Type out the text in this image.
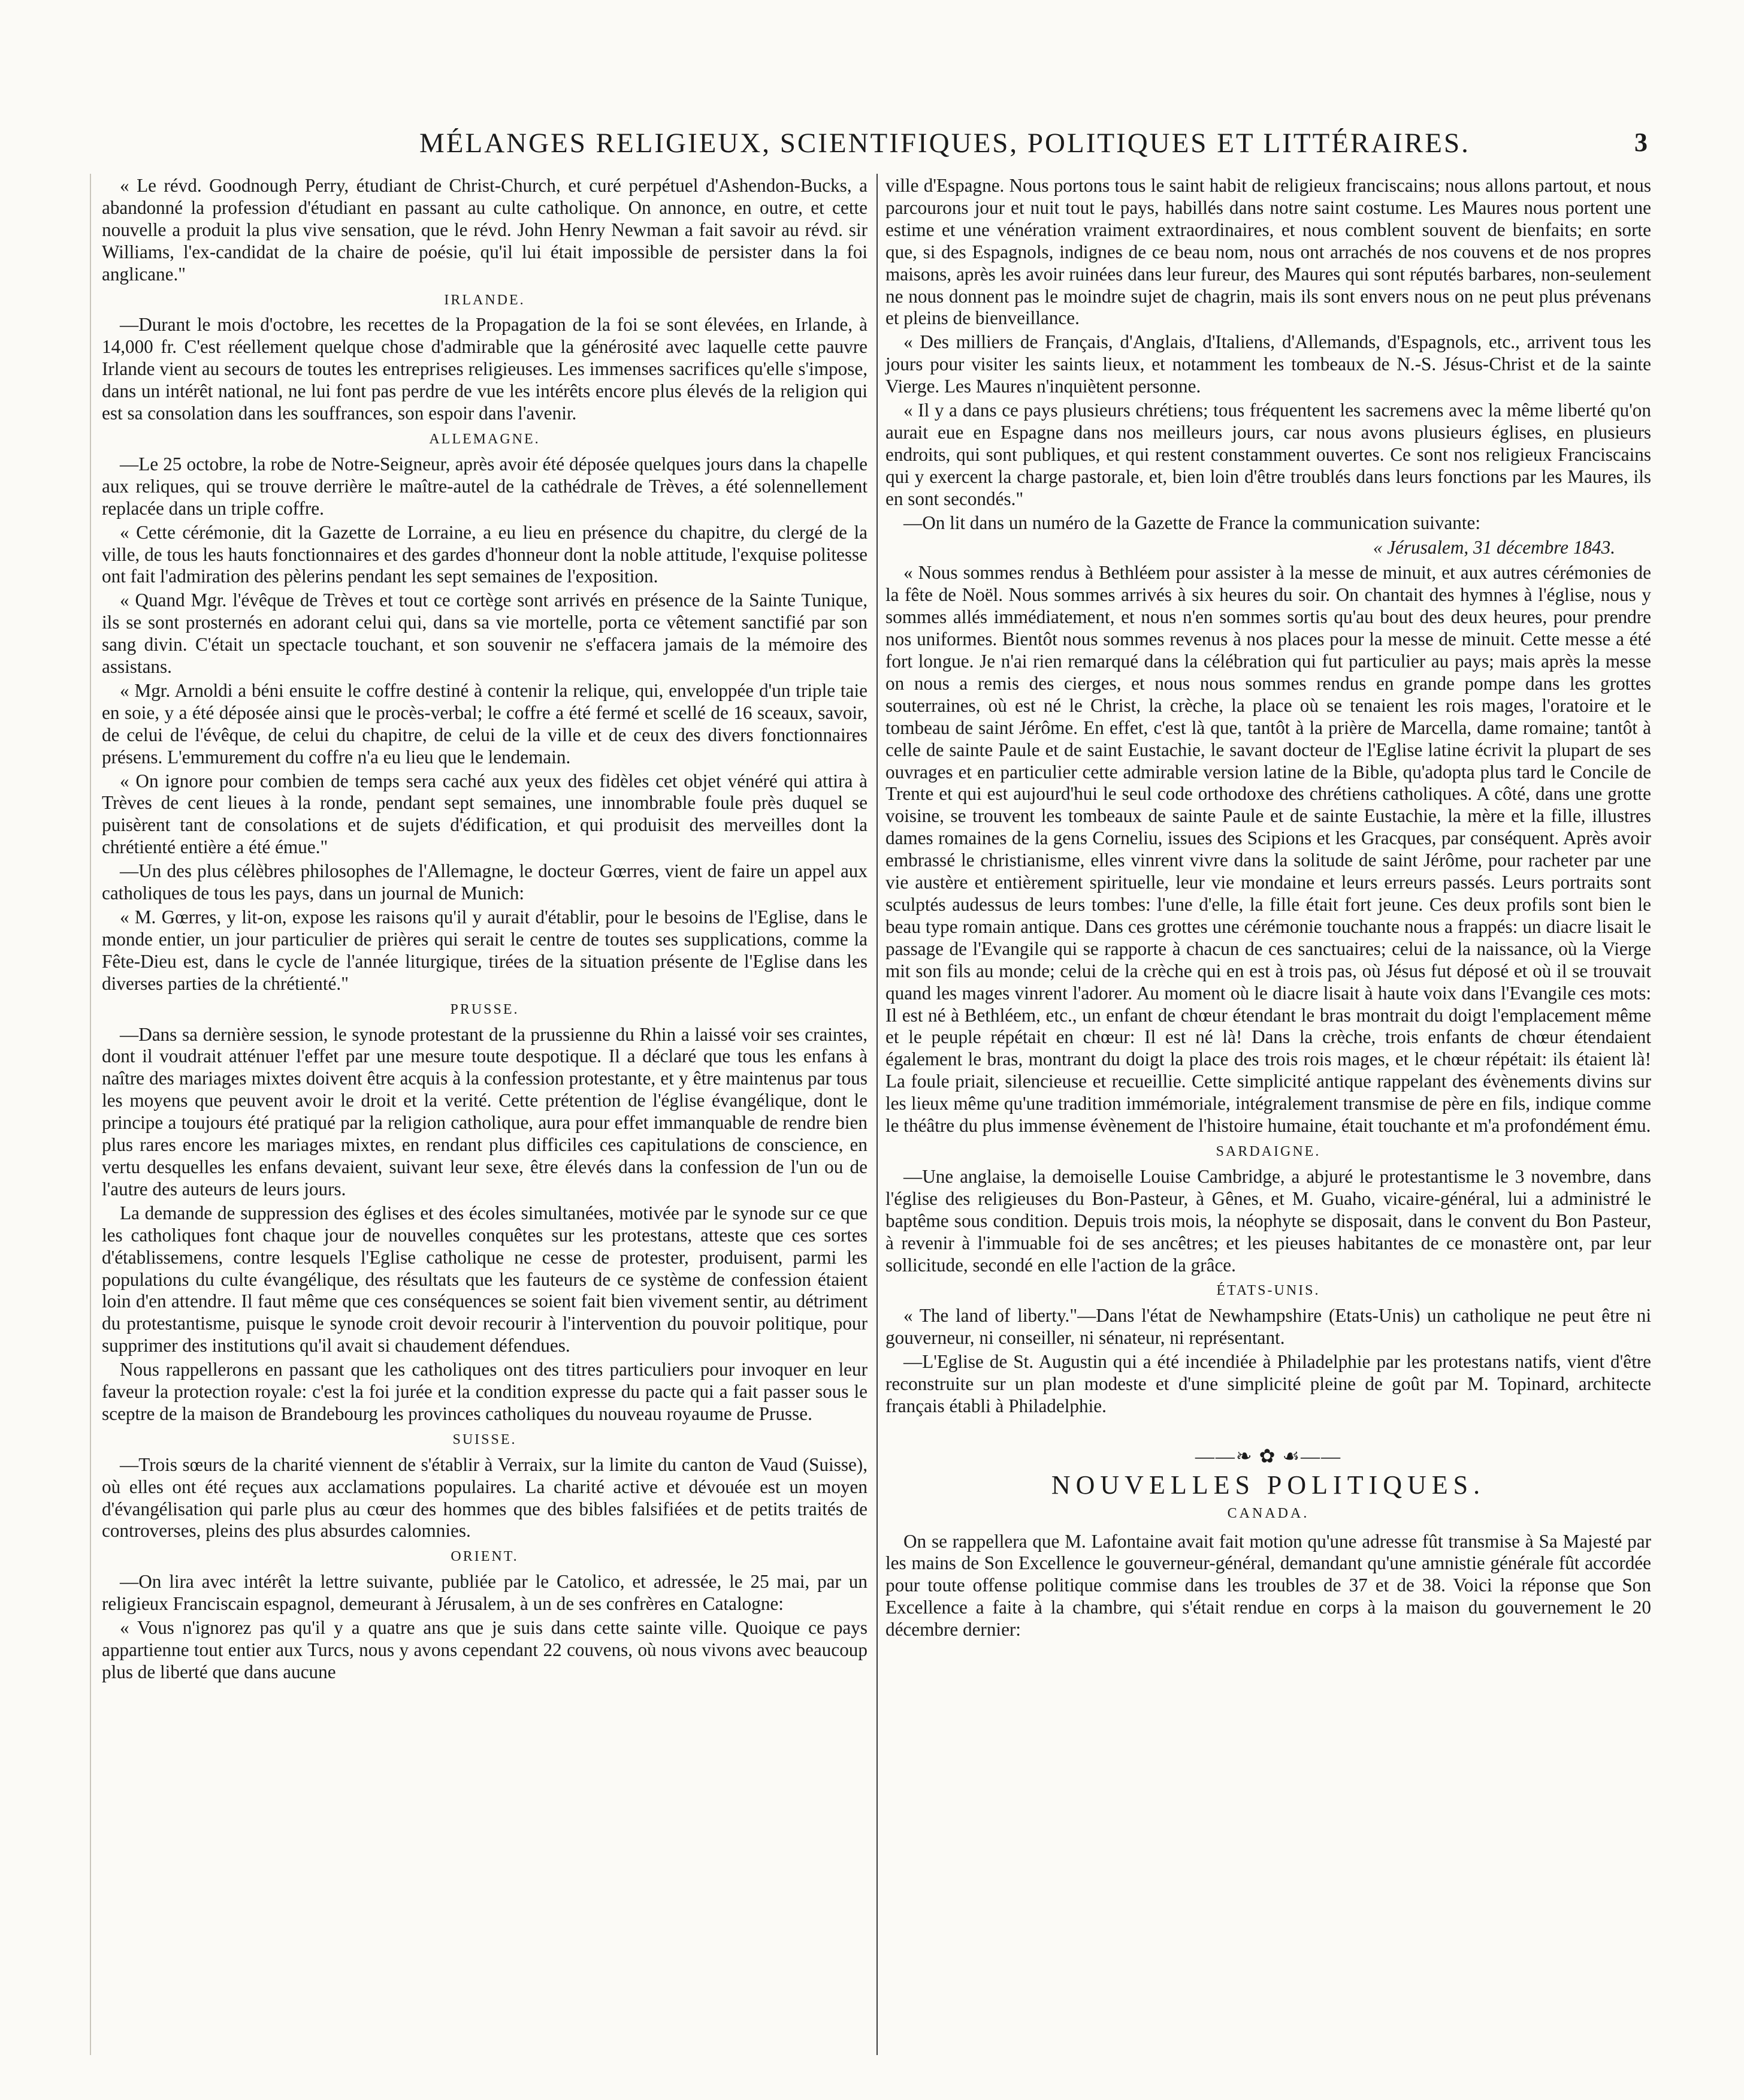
MÉLANGES RELIGIEUX, SCIENTIFIQUES, POLITIQUES ET LITTÉRAIRES.	3

« Le révd. Goodnough Perry, étudiant de Christ-Church, et curé perpétuel d'Ashendon-Bucks, a abandonné la profession d'étudiant en passant au culte catholique. On annonce, en outre, et cette nouvelle a produit la plus vive sensation, que le révd. John Henry Newman a fait savoir au révd. sir Williams, l'ex-candidat de la chaire de poésie, qu'il lui était impossible de persister dans la foi anglicane."

IRLANDE.

—Durant le mois d'octobre, les recettes de la Propagation de la foi se sont élevées, en Irlande, à 14,000 fr. C'est réellement quelque chose d'admirable que la générosité avec laquelle cette pauvre Irlande vient au secours de toutes les entreprises religieuses. Les immenses sacrifices qu'elle s'impose, dans un intérêt national, ne lui font pas perdre de vue les intérêts encore plus élevés de la religion qui est sa consolation dans les souffrances, son espoir dans l'avenir.

ALLEMAGNE.

—Le 25 octobre, la robe de Notre-Seigneur, après avoir été déposée quelques jours dans la chapelle aux reliques, qui se trouve derrière le maître-autel de la cathédrale de Trèves, a été solennellement replacée dans un triple coffre.

« Cette cérémonie, dit la Gazette de Lorraine, a eu lieu en présence du chapitre, du clergé de la ville, de tous les hauts fonctionnaires et des gardes d'honneur dont la noble attitude, l'exquise politesse ont fait l'admiration des pèlerins pendant les sept semaines de l'exposition.

« Quand Mgr. l'évêque de Trèves et tout ce cortège sont arrivés en présence de la Sainte Tunique, ils se sont prosternés en adorant celui qui, dans sa vie mortelle, porta ce vêtement sanctifié par son sang divin. C'était un spectacle touchant, et son souvenir ne s'effacera jamais de la mémoire des assistans.

« Mgr. Arnoldi a béni ensuite le coffre destiné à contenir la relique, qui, enveloppée d'un triple taie en soie, y a été déposée ainsi que le procès-verbal; le coffre a été fermé et scellé de 16 sceaux, savoir, de celui de l'évêque, de celui du chapitre, de celui de la ville et de ceux des divers fonctionnaires présens. L'emmurement du coffre n'a eu lieu que le lendemain.

« On ignore pour combien de temps sera caché aux yeux des fidèles cet objet vénéré qui attira à Trèves de cent lieues à la ronde, pendant sept semaines, une innombrable foule près duquel se puisèrent tant de consolations et de sujets d'édification, et qui produisit des merveilles dont la chrétienté entière a été émue."

—Un des plus célèbres philosophes de l'Allemagne, le docteur Gœrres, vient de faire un appel aux catholiques de tous les pays, dans un journal de Munich:

« M. Gœrres, y lit-on, expose les raisons qu'il y aurait d'établir, pour le besoins de l'Eglise, dans le monde entier, un jour particulier de prières qui serait le centre de toutes ses supplications, comme la Fête-Dieu est, dans le cycle de l'année liturgique, tirées de la situation présente de l'Eglise dans les diverses parties de la chrétienté."

PRUSSE.

—Dans sa dernière session, le synode protestant de la prussienne du Rhin a laissé voir ses craintes, dont il voudrait atténuer l'effet par une mesure toute despotique. Il a déclaré que tous les enfans à naître des mariages mixtes doivent être acquis à la confession protestante, et y être maintenus par tous les moyens que peuvent avoir le droit et la verité. Cette prétention de l'église évangélique, dont le principe a toujours été pratiqué par la religion catholique, aura pour effet immanquable de rendre bien plus rares encore les mariages mixtes, en rendant plus difficiles ces capitulations de conscience, en vertu desquelles les enfans devaient, suivant leur sexe, être élevés dans la confession de l'un ou de l'autre des auteurs de leurs jours.

La demande de suppression des églises et des écoles simultanées, motivée par le synode sur ce que les catholiques font chaque jour de nouvelles conquêtes sur les protestans, atteste que ces sortes d'établissemens, contre lesquels l'Eglise catholique ne cesse de protester, produisent, parmi les populations du culte évangélique, des résultats que les fauteurs de ce système de confession étaient loin d'en attendre. Il faut même que ces conséquences se soient fait bien vivement sentir, au détriment du protestantisme, puisque le synode croit devoir recourir à l'intervention du pouvoir politique, pour supprimer des institutions qu'il avait si chaudement défendues.

Nous rappellerons en passant que les catholiques ont des titres particuliers pour invoquer en leur faveur la protection royale: c'est la foi jurée et la condition expresse du pacte qui a fait passer sous le sceptre de la maison de Brandebourg les provinces catholiques du nouveau royaume de Prusse.

SUISSE.

—Trois sœurs de la charité viennent de s'établir à Verraix, sur la limite du canton de Vaud (Suisse), où elles ont été reçues aux acclamations populaires. La charité active et dévouée est un moyen d'évangélisation qui parle plus au cœur des hommes que des bibles falsifiées et de petits traités de controverses, pleins des plus absurdes calomnies.

ORIENT.

—On lira avec intérêt la lettre suivante, publiée par le Catolico, et adressée, le 25 mai, par un religieux Franciscain espagnol, demeurant à Jérusalem, à un de ses confrères en Catalogne:

« Vous n'ignorez pas qu'il y a quatre ans que je suis dans cette sainte ville. Quoique ce pays appartienne tout entier aux Turcs, nous y avons cependant 22 couvens, où nous vivons avec beaucoup plus de liberté que dans aucune

ville d'Espagne. Nous portons tous le saint habit de religieux franciscains; nous allons partout, et nous parcourons jour et nuit tout le pays, habillés dans notre saint costume. Les Maures nous portent une estime et une vénération vraiment extraordinaires, et nous comblent souvent de bienfaits; en sorte que, si des Espagnols, indignes de ce beau nom, nous ont arrachés de nos couvens et de nos propres maisons, après les avoir ruinées dans leur fureur, des Maures qui sont réputés barbares, non-seulement ne nous donnent pas le moindre sujet de chagrin, mais ils sont envers nous on ne peut plus prévenans et pleins de bienveillance.

« Des milliers de Français, d'Anglais, d'Italiens, d'Allemands, d'Espagnols, etc., arrivent tous les jours pour visiter les saints lieux, et notamment les tombeaux de N.-S. Jésus-Christ et de la sainte Vierge. Les Maures n'inquiètent personne.

« Il y a dans ce pays plusieurs chrétiens; tous fréquentent les sacremens avec la même liberté qu'on aurait eue en Espagne dans nos meilleurs jours, car nous avons plusieurs églises, en plusieurs endroits, qui sont publiques, et qui restent constamment ouvertes. Ce sont nos religieux Franciscains qui y exercent la charge pastorale, et, bien loin d'être troublés dans leurs fonctions par les Maures, ils en sont secondés."

—On lit dans un numéro de la Gazette de France la communication suivante:

« Jérusalem, 31 décembre 1843.

« Nous sommes rendus à Bethléem pour assister à la messe de minuit, et aux autres cérémonies de la fête de Noël. Nous sommes arrivés à six heures du soir. On chantait des hymnes à l'église, nous y sommes allés immédiatement, et nous n'en sommes sortis qu'au bout des deux heures, pour prendre nos uniformes. Bientôt nous sommes revenus à nos places pour la messe de minuit. Cette messe a été fort longue. Je n'ai rien remarqué dans la célébration qui fut particulier au pays; mais après la messe on nous a remis des cierges, et nous nous sommes rendus en grande pompe dans les grottes souterraines, où est né le Christ, la crèche, la place où se tenaient les rois mages, l'oratoire et le tombeau de saint Jérôme. En effet, c'est là que, tantôt à la prière de Marcella, dame romaine; tantôt à celle de sainte Paule et de saint Eustachie, le savant docteur de l'Eglise latine écrivit la plupart de ses ouvrages et en particulier cette admirable version latine de la Bible, qu'adopta plus tard le Concile de Trente et qui est aujourd'hui le seul code orthodoxe des chrétiens catholiques. A côté, dans une grotte voisine, se trouvent les tombeaux de sainte Paule et de sainte Eustachie, la mère et la fille, illustres dames romaines de la gens Corneliu, issues des Scipions et les Gracques, par conséquent. Après avoir embrassé le christianisme, elles vinrent vivre dans la solitude de saint Jérôme, pour racheter par une vie austère et entièrement spirituelle, leur vie mondaine et leurs erreurs passés. Leurs portraits sont sculptés audessus de leurs tombes: l'une d'elle, la fille était fort jeune. Ces deux profils sont bien le beau type romain antique. Dans ces grottes une cérémonie touchante nous a frappés: un diacre lisait le passage de l'Evangile qui se rapporte à chacun de ces sanctuaires; celui de la naissance, où la Vierge mit son fils au monde; celui de la crèche qui en est à trois pas, où Jésus fut déposé et où il se trouvait quand les mages vinrent l'adorer. Au moment où le diacre lisait à haute voix dans l'Evangile ces mots: Il est né à Bethléem, etc., un enfant de chœur étendant le bras montrait du doigt l'emplacement même et le peuple répétait en chœur: Il est né là! Dans la crèche, trois enfants de chœur étendaient également le bras, montrant du doigt la place des trois rois mages, et le chœur répétait: ils étaient là! La foule priait, silencieuse et recueillie. Cette simplicité antique rappelant des évènements divins sur les lieux même qu'une tradition immémoriale, intégralement transmise de père en fils, indique comme le théâtre du plus immense évènement de l'histoire humaine, était touchante et m'a profondément ému.

SARDAIGNE.

—Une anglaise, la demoiselle Louise Cambridge, a abjuré le protestantisme le 3 novembre, dans l'église des religieuses du Bon-Pasteur, à Gênes, et M. Guaho, vicaire-général, lui a administré le baptême sous condition. Depuis trois mois, la néophyte se disposait, dans le convent du Bon Pasteur, à revenir à l'immuable foi de ses ancêtres; et les pieuses habitantes de ce monastère ont, par leur sollicitude, secondé en elle l'action de la grâce.

ÉTATS-UNIS.

« The land of liberty."—Dans l'état de Newhampshire (Etats-Unis) un catholique ne peut être ni gouverneur, ni conseiller, ni sénateur, ni représentant.

—L'Eglise de St. Augustin qui a été incendiée à Philadelphie par les protestans natifs, vient d'être reconstruite sur un plan modeste et d'une simplicité pleine de goût par M. Topinard, architecte français établi à Philadelphie.

——❧ ✿ ☙——
NOUVELLES POLITIQUES.
CANADA.

On se rappellera que M. Lafontaine avait fait motion qu'une adresse fût transmise à Sa Majesté par les mains de Son Excellence le gouverneur-général, demandant qu'une amnistie générale fût accordée pour toute offense politique commise dans les troubles de 37 et de 38. Voici la réponse que Son Excellence a faite à la chambre, qui s'était rendue en corps à la maison du gouvernement le 20 décembre dernier:
